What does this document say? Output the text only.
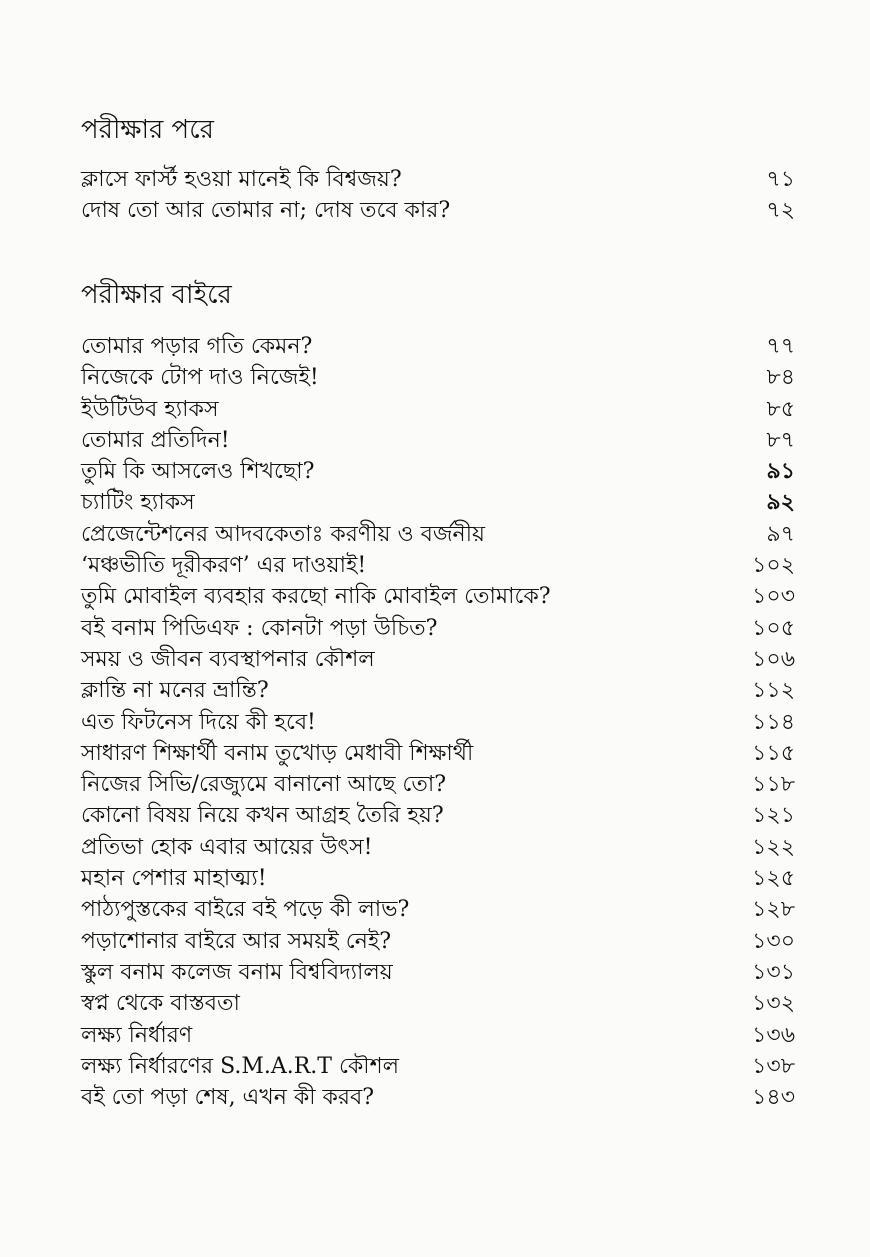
পরীক্ষার পরে
ক্লাসে ফার্স্ট হওয়া মানেই কি বিশ্বজয়?	৭১
দোষ তো আর তোমার না; দোষ তবে কার?	৭২
পরীক্ষার বাইরে
তোমার পড়ার গতি কেমন?	৭৭
নিজেকে টোপ দাও নিজেই!	৮৪
ইউটিউব হ্যাকস	৮৫
তোমার প্রতিদিন!	৮৭
তুমি কি আসলেও শিখছো?	৯১
চ্যাটিং হ্যাকস	৯২
প্রেজেন্টেশনের আদবকেতাঃ করণীয় ও বর্জনীয়	৯৭
‘মঞ্চভীতি দূরীকরণ’ এর দাওয়াই!	১০২
তুমি মোবাইল ব্যবহার করছো নাকি মোবাইল তোমাকে?	১০৩
বই বনাম পিডিএফ : কোনটা পড়া উচিত?	১০৫
সময় ও জীবন ব্যবস্থাপনার কৌশল	১০৬
ক্লান্তি না মনের ভ্রান্তি?	১১২
এত ফিটনেস দিয়ে কী হবে!	১১৪
সাধারণ শিক্ষার্থী বনাম তুখোড় মেধাবী শিক্ষার্থী	১১৫
নিজের সিভি/রেজ্যুমে বানানো আছে তো?	১১৮
কোনো বিষয় নিয়ে কখন আগ্রহ তৈরি হয়?	১২১
প্রতিভা হোক এবার আয়ের উৎস!	১২২
মহান পেশার মাহাত্ম্য!	১২৫
পাঠ্যপুস্তকের বাইরে বই পড়ে কী লাভ?	১২৮
পড়াশোনার বাইরে আর সময়ই নেই?	১৩০
স্কুল বনাম কলেজ বনাম বিশ্ববিদ্যালয়	১৩১
স্বপ্ন থেকে বাস্তবতা	১৩২
লক্ষ্য নির্ধারণ	১৩৬
লক্ষ্য নির্ধারণের S.M.A.R.T কৌশল	১৩৮
বই তো পড়া শেষ, এখন কী করব?	১৪৩
